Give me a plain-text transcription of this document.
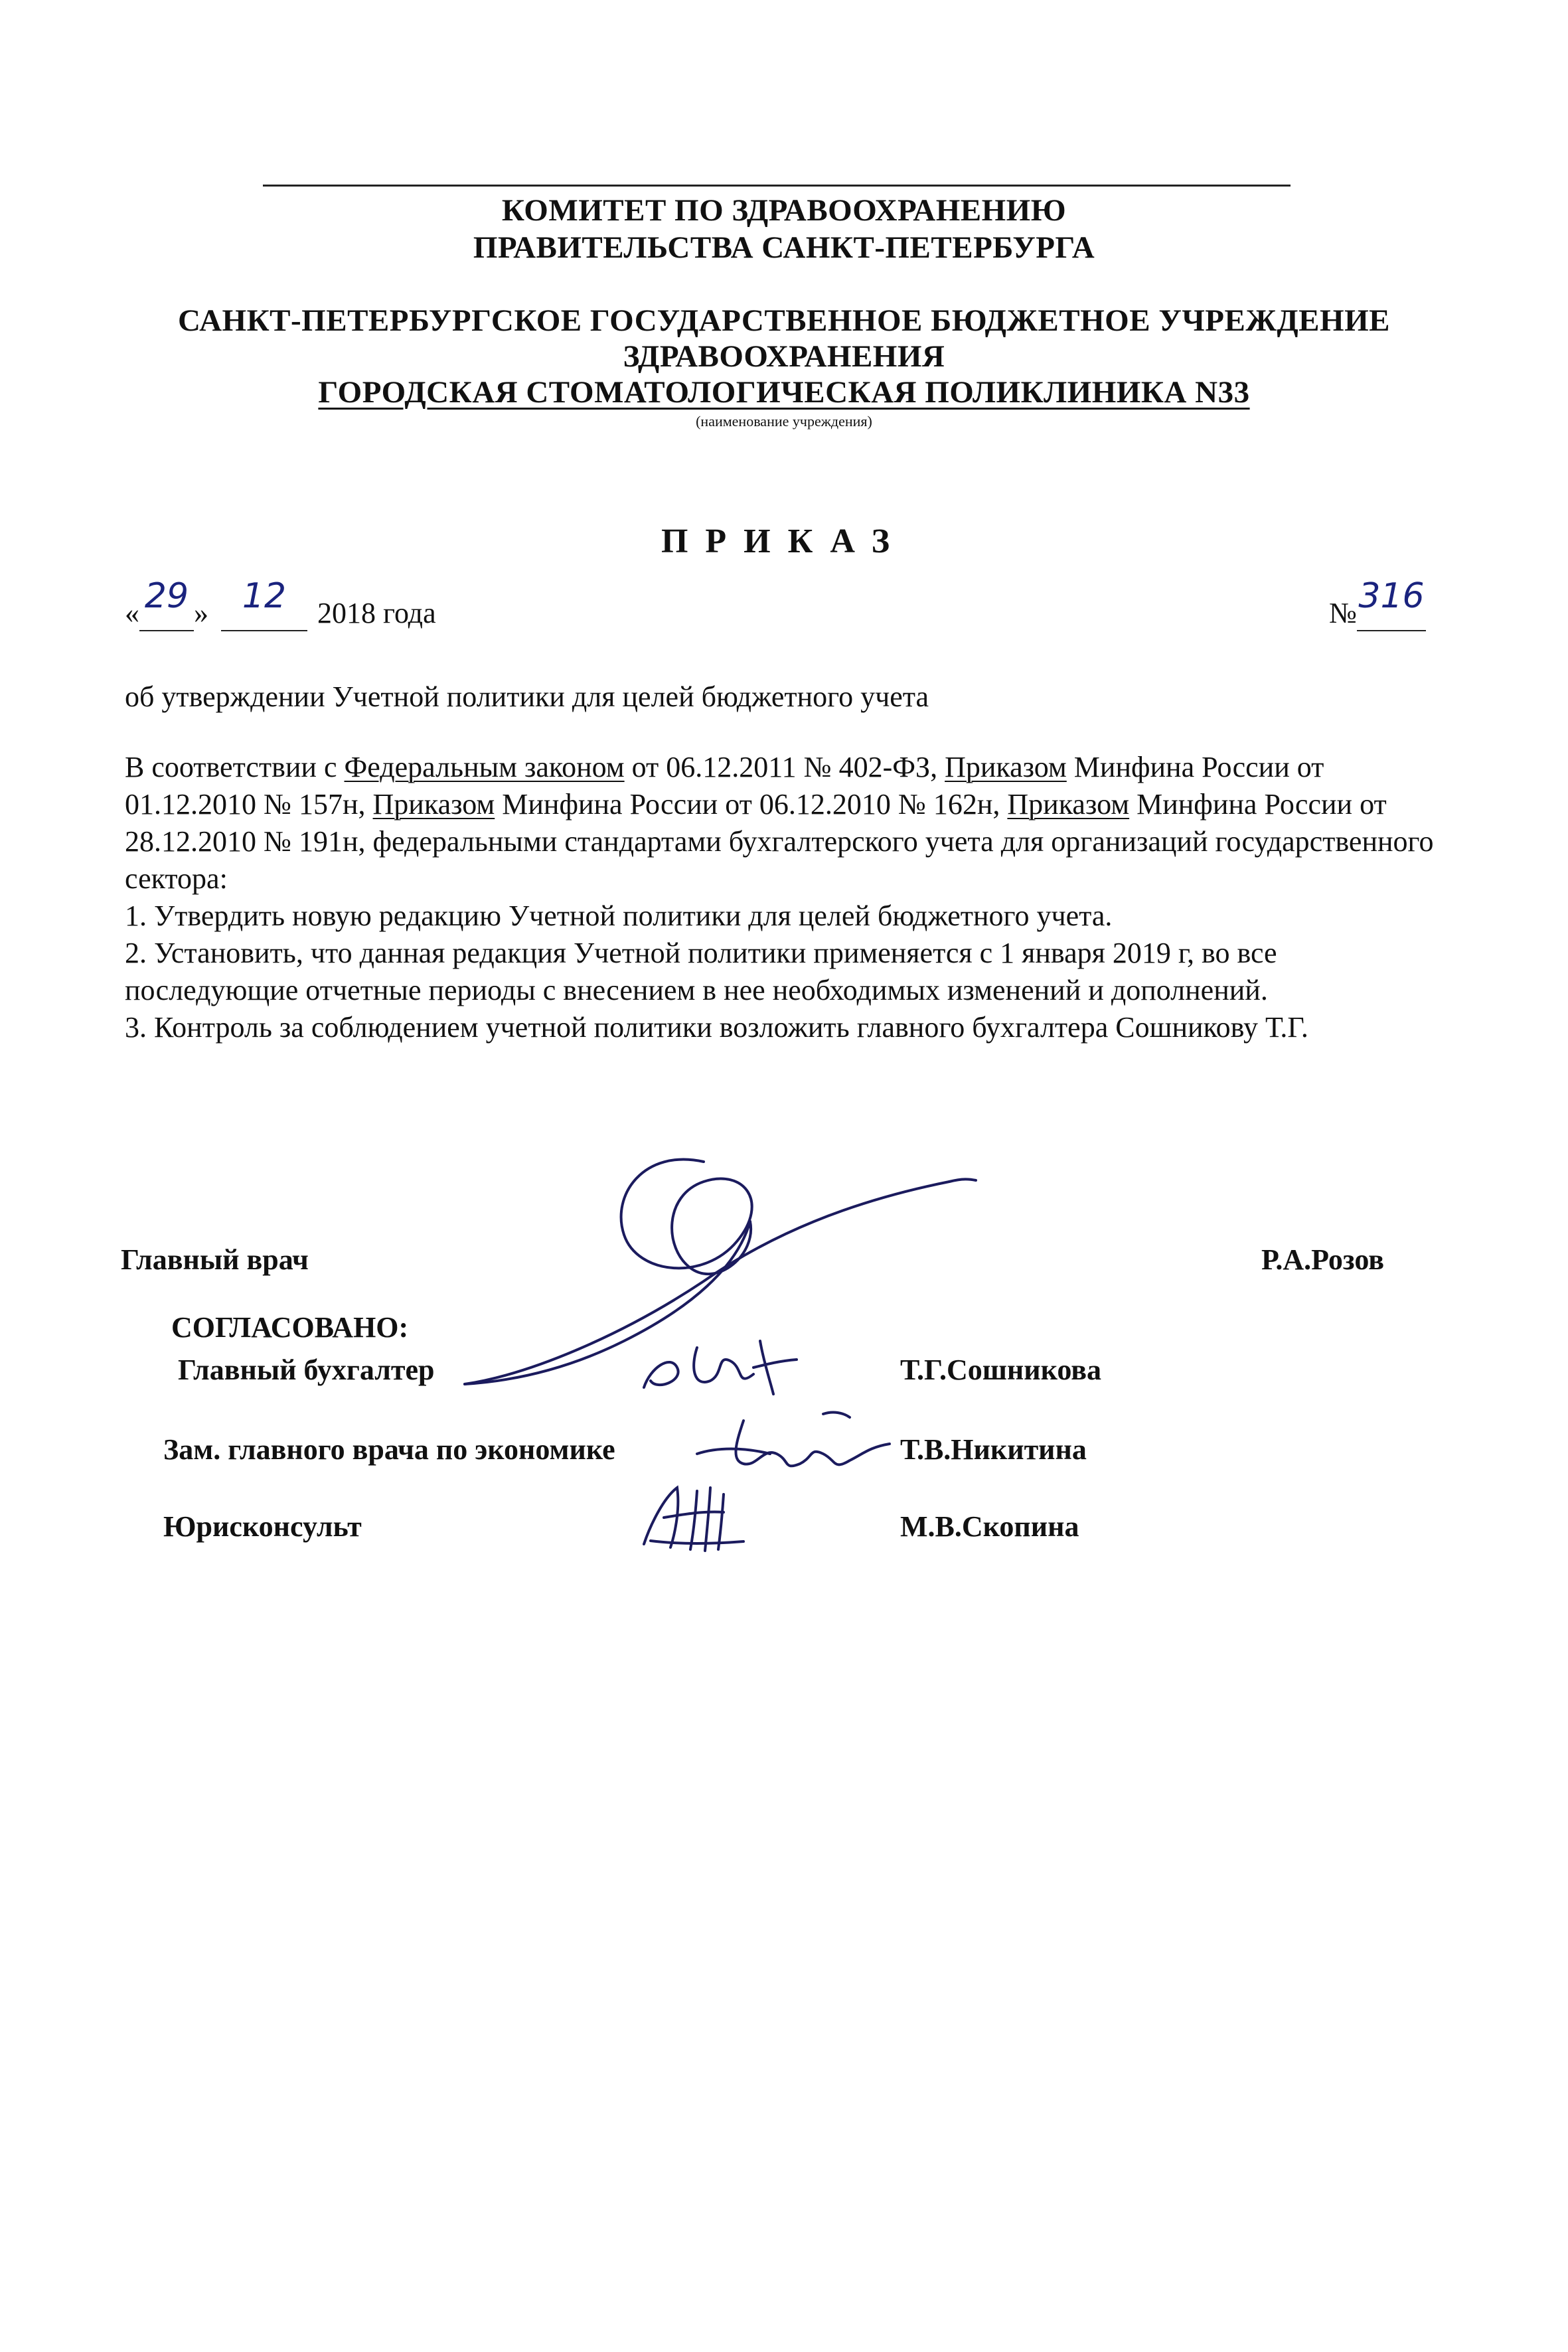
КОМИТЕТ ПО ЗДРАВООХРАНЕНИЮ
ПРАВИТЕЛЬСТВА САНКТ-ПЕТЕРБУРГА
САНКТ-ПЕТЕРБУРГСКОЕ ГОСУДАРСТВЕННОЕ БЮДЖЕТНОЕ УЧРЕЖДЕНИЕ
ЗДРАВООХРАНЕНИЯ
ГОРОДСКАЯ СТОМАТОЛОГИЧЕСКАЯ ПОЛИКЛИНИКА N33
(наименование учреждения)
ПРИКАЗ
« 29 » 12	2018 года	№ 316

об утверждении Учетной политики для целей бюджетного учета

В соответствии с Федеральным законом от 06.12.2011 № 402-ФЗ, Приказом Минфина России от 01.12.2010 № 157н, Приказом Минфина России от 06.12.2010 № 162н, Приказом Минфина России от 28.12.2010 № 191н, федеральными стандартами бухгалтерского учета для организаций государственного сектора:

1. Утвердить новую редакцию Учетной политики для целей бюджетного учета.

2. Установить, что данная редакция Учетной политики применяется с 1 января 2019 г, во все последующие отчетные периоды с внесением в нее необходимых изменений и дополнений.

3. Контроль за соблюдением учетной политики возложить главного бухгалтера Сошникову Т.Г.

Главный врач	Р.А.Розов
СОГЛАСОВАНО:
Главный бухгалтер	Т.Г.Сошникова
Зам. главного врача по экономике	Т.В.Никитина
Юрисконсульт	М.В.Скопина
